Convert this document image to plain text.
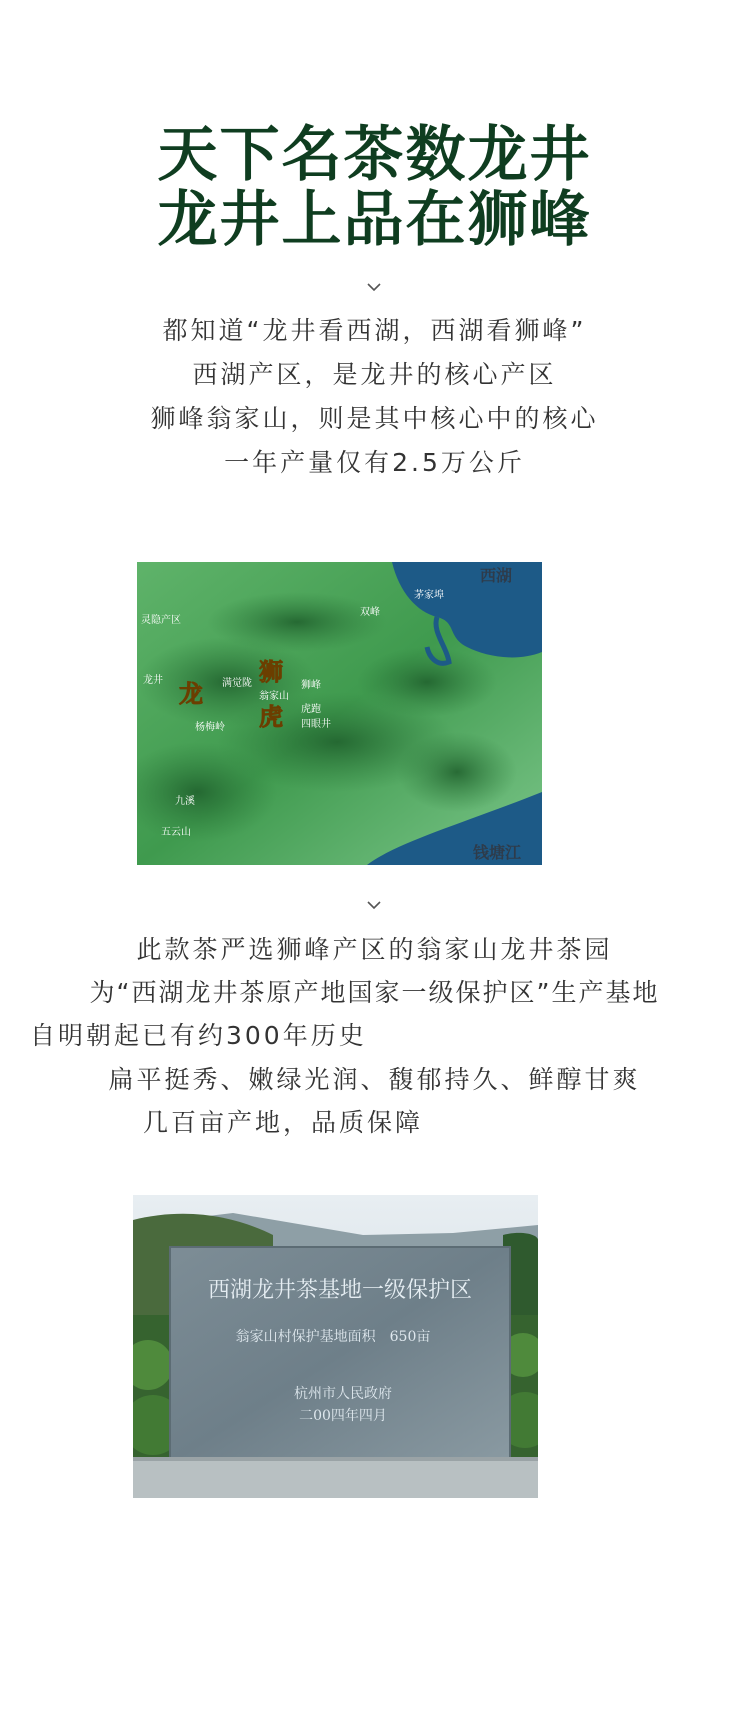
天下名茶数龙井
龙井上品在狮峰
都知道“龙井看西湖，西湖看狮峰”
西湖产区，是龙井的核心产区
狮峰翁家山，则是其中核心中的核心
一年产量仅有2.5万公斤
西湖
茅家埠
双峰
灵隐产区
龙井	满觉陇
翁家山
狮峰
虎跑
四眼井
杨梅岭
九溪
五云山
钱塘江
龙
狮
虎
此款茶严选狮峰产区的翁家山龙井茶园
为“西湖龙井茶原产地国家一级保护区”生产基地
自明朝起已有约300年历史
扁平挺秀、嫩绿光润、馥郁持久、鲜醇甘爽
几百亩产地，品质保障
西湖龙井茶基地一级保护区
翁家山村保护基地面积　650亩
杭州市人民政府
二00四年四月
